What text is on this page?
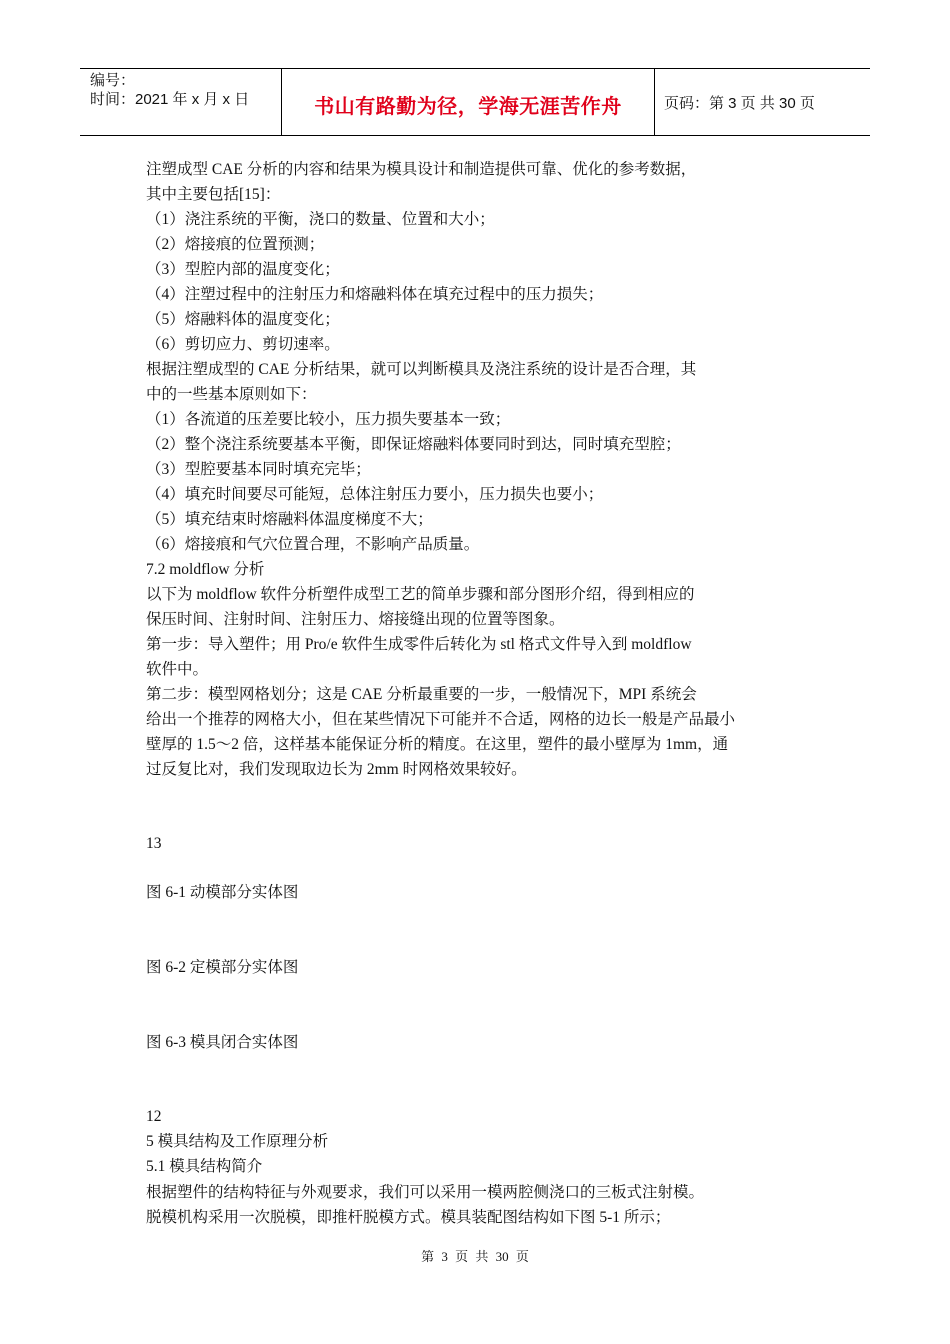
编号：
时间：2021 年 x 月 x 日	书山有路勤为径，学海无涯苦作舟	页码：第 3 页 共 30 页
注塑成型 CAE 分析的内容和结果为模具设计和制造提供可靠、优化的参考数据，
其中主要包括[15]：
（1）浇注系统的平衡，浇口的数量、位置和大小；
（2）熔接痕的位置预测；
（3）型腔内部的温度变化；
（4）注塑过程中的注射压力和熔融料体在填充过程中的压力损失；
（5）熔融料体的温度变化；
（6）剪切应力、剪切速率。
根据注塑成型的 CAE 分析结果，就可以判断模具及浇注系统的设计是否合理，其
中的一些基本原则如下：
（1）各流道的压差要比较小，压力损失要基本一致；
（2）整个浇注系统要基本平衡，即保证熔融料体要同时到达，同时填充型腔；
（3）型腔要基本同时填充完毕；
（4）填充时间要尽可能短，总体注射压力要小，压力损失也要小；
（5）填充结束时熔融料体温度梯度不大；
（6）熔接痕和气穴位置合理，不影响产品质量。
7.2 moldflow 分析
以下为 moldflow 软件分析塑件成型工艺的简单步骤和部分图形介绍，得到相应的
保压时间、注射时间、注射压力、熔接缝出现的位置等图象。
第一步：导入塑件；用 Pro/e 软件生成零件后转化为 stl 格式文件导入到 moldflow
软件中。
第二步：模型网格划分；这是 CAE 分析最重要的一步，一般情况下，MPI 系统会
给出一个推荐的网格大小，但在某些情况下可能并不合适，网格的边长一般是产品最小
壁厚的 1.5～2 倍，这样基本能保证分析的精度。在这里，塑件的最小壁厚为 1mm，通
过反复比对，我们发现取边长为 2mm 时网格效果较好。
13
图 6-1 动模部分实体图
图 6-2 定模部分实体图
图 6-3 模具闭合实体图
12
5 模具结构及工作原理分析
5.1 模具结构简介
根据塑件的结构特征与外观要求，我们可以采用一模两腔侧浇口的三板式注射模。
脱模机构采用一次脱模，即推杆脱模方式。模具装配图结构如下图 5-1 所示；
第 3 页 共 30 页
